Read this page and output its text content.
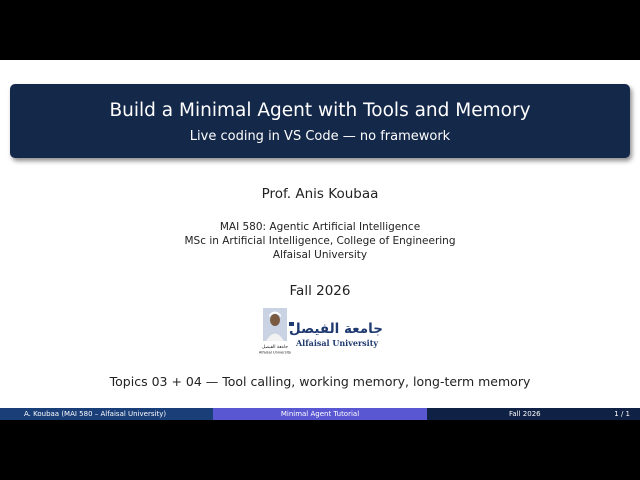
Build a Minimal Agent with Tools and Memory
Live coding in VS Code — no framework
Prof. Anis Koubaa
MAI 580: Agentic Artificial Intelligence
MSc in Artificial Intelligence, College of Engineering
Alfaisal University
Fall 2026
جامعة الفيصل
Alfaisal University
جامعة الفيصل
Alfaisal University
Topics 03 + 04 — Tool calling, working memory, long-term memory
A. Koubaa (MAI 580 – Alfaisal University)	Minimal Agent Tutorial	Fall 2026	1 / 1
